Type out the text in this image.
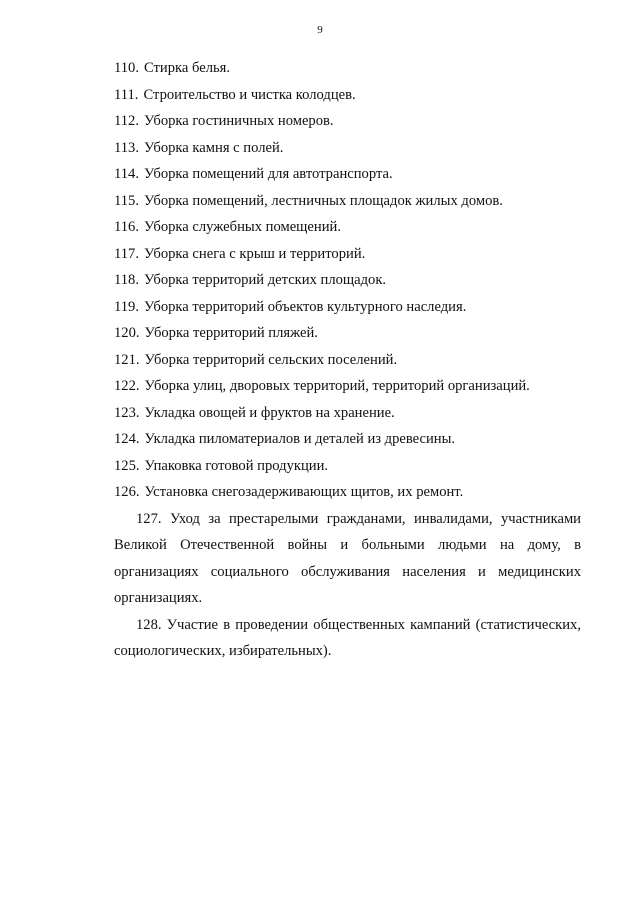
9

110. Стирка белья.

111. Строительство и чистка колодцев.

112. Уборка гостиничных номеров.

113. Уборка камня с полей.

114. Уборка помещений для автотранспорта.

115. Уборка помещений, лестничных площадок жилых домов.

116. Уборка служебных помещений.

117. Уборка снега с крыш и территорий.

118. Уборка территорий детских площадок.

119. Уборка территорий объектов культурного наследия.

120. Уборка территорий пляжей.

121. Уборка территорий сельских поселений.

122. Уборка улиц, дворовых территорий, территорий организаций.

123. Укладка овощей и фруктов на хранение.

124. Укладка пиломатериалов и деталей из древесины.

125. Упаковка готовой продукции.

126. Установка снегозадерживающих щитов, их ремонт.

127. Уход за престарелыми гражданами, инвалидами, участниками Великой Отечественной войны и больными людьми на дому, в организациях социального обслуживания населения и медицинских организациях.

128. Участие в проведении общественных кампаний (статистических, социологических, избирательных).
